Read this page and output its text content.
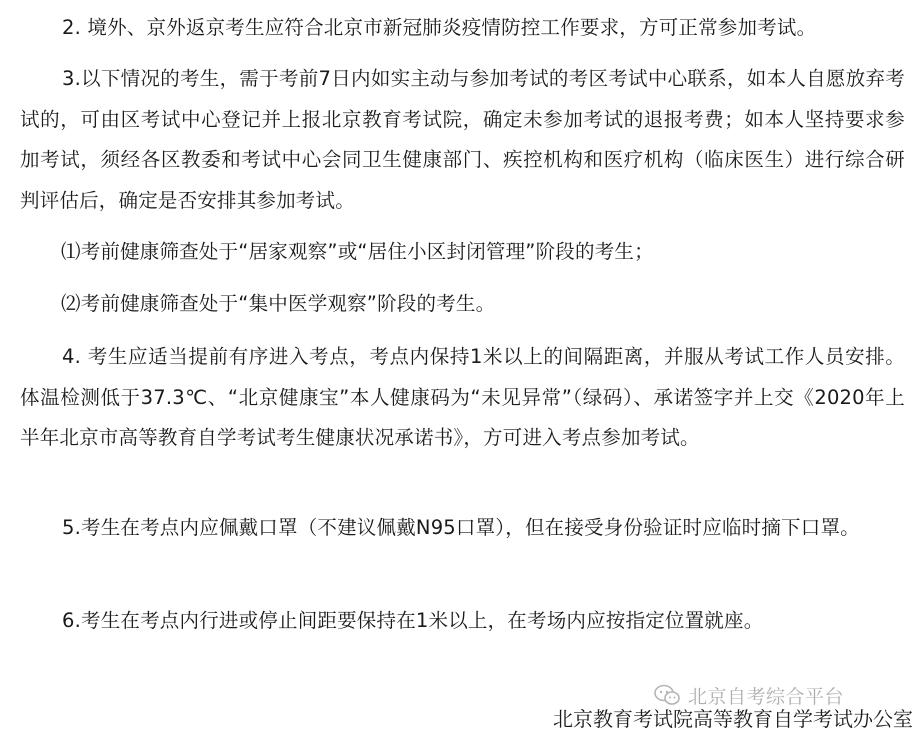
2. 境外、京外返京考生应符合北京市新冠肺炎疫情防控工作要求，方可正常参加考试。

3.以下情况的考生，需于考前7日内如实主动与参加考试的考区考试中心联系，如本人自愿放弃考试的，可由区考试中心登记并上报北京教育考试院，确定未参加考试的退报考费；如本人坚持要求参加考试，须经各区教委和考试中心会同卫生健康部门、疾控机构和医疗机构（临床医生）进行综合研判评估后，确定是否安排其参加考试。

⑴考前健康筛查处于“居家观察”或“居住小区封闭管理”阶段的考生；

⑵考前健康筛查处于“集中医学观察”阶段的考生。

4. 考生应适当提前有序进入考点，考点内保持1米以上的间隔距离，并服从考试工作人员安排。体温检测低于37.3℃、“北京健康宝”本人健康码为“未见异常”（绿码）、承诺签字并上交《2020年上半年北京市高等教育自学考试考生健康状况承诺书》，方可进入考点参加考试。

5.考生在考点内应佩戴口罩（不建议佩戴N95口罩），但在接受身份验证时应临时摘下口罩。

6.考生在考点内行进或停止间距要保持在1米以上，在考场内应按指定位置就座。

北京自考综合平台
北京教育考试院高等教育自学考试办公室
